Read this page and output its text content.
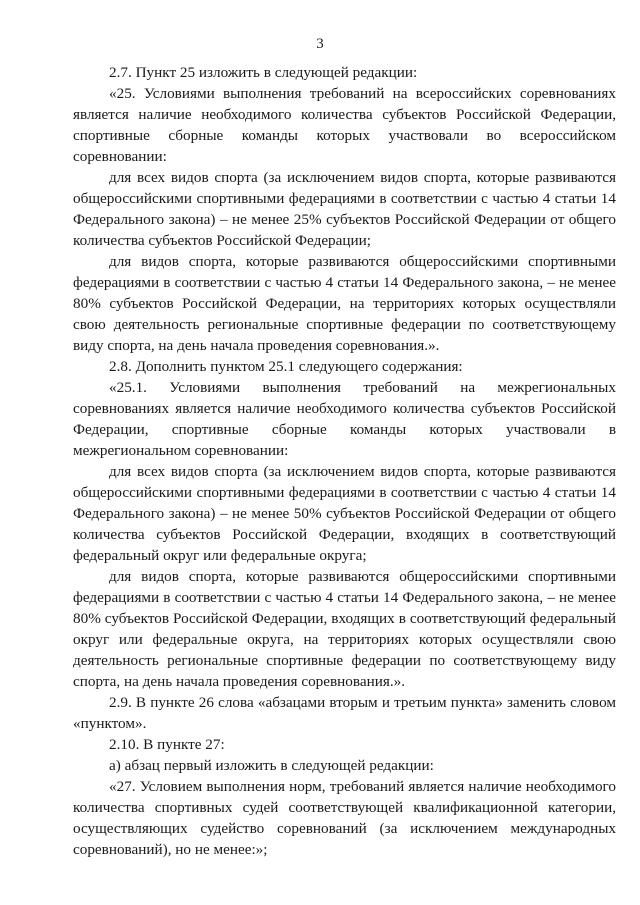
3

2.7. Пункт 25 изложить в следующей редакции:

«25. Условиями выполнения требований на всероссийских соревнованиях является наличие необходимого количества субъектов Российской Федерации, спортивные сборные команды которых участвовали во всероссийском соревновании:

для всех видов спорта (за исключением видов спорта, которые развиваются общероссийскими спортивными федерациями в соответствии с частью 4 статьи 14 Федерального закона) – не менее 25% субъектов Российской Федерации от общего количества субъектов Российской Федерации;

для видов спорта, которые развиваются общероссийскими спортивными федерациями в соответствии с частью 4 статьи 14 Федерального закона, – не менее 80% субъектов Российской Федерации, на территориях которых осуществляли свою деятельность региональные спортивные федерации по соответствующему виду спорта, на день начала проведения соревнования.».

2.8. Дополнить пунктом 25.1 следующего содержания:

«25.1. Условиями выполнения требований на межрегиональных соревнованиях является наличие необходимого количества субъектов Российской Федерации, спортивные сборные команды которых участвовали в межрегиональном соревновании:

для всех видов спорта (за исключением видов спорта, которые развиваются общероссийскими спортивными федерациями в соответствии с частью 4 статьи 14 Федерального закона) – не менее 50% субъектов Российской Федерации от общего количества субъектов Российской Федерации, входящих в соответствующий федеральный округ или федеральные округа;

для видов спорта, которые развиваются общероссийскими спортивными федерациями в соответствии с частью 4 статьи 14 Федерального закона, – не менее 80% субъектов Российской Федерации, входящих в соответствующий федеральный округ или федеральные округа, на территориях которых осуществляли свою деятельность региональные спортивные федерации по соответствующему виду спорта, на день начала проведения соревнования.».

2.9. В пункте 26 слова «абзацами вторым и третьим пункта» заменить словом «пунктом».

2.10. В пункте 27:

а) абзац первый изложить в следующей редакции:

«27. Условием выполнения норм, требований является наличие необходимого количества спортивных судей соответствующей квалификационной категории, осуществляющих судейство соревнований (за исключением международных соревнований), но не менее:»;
